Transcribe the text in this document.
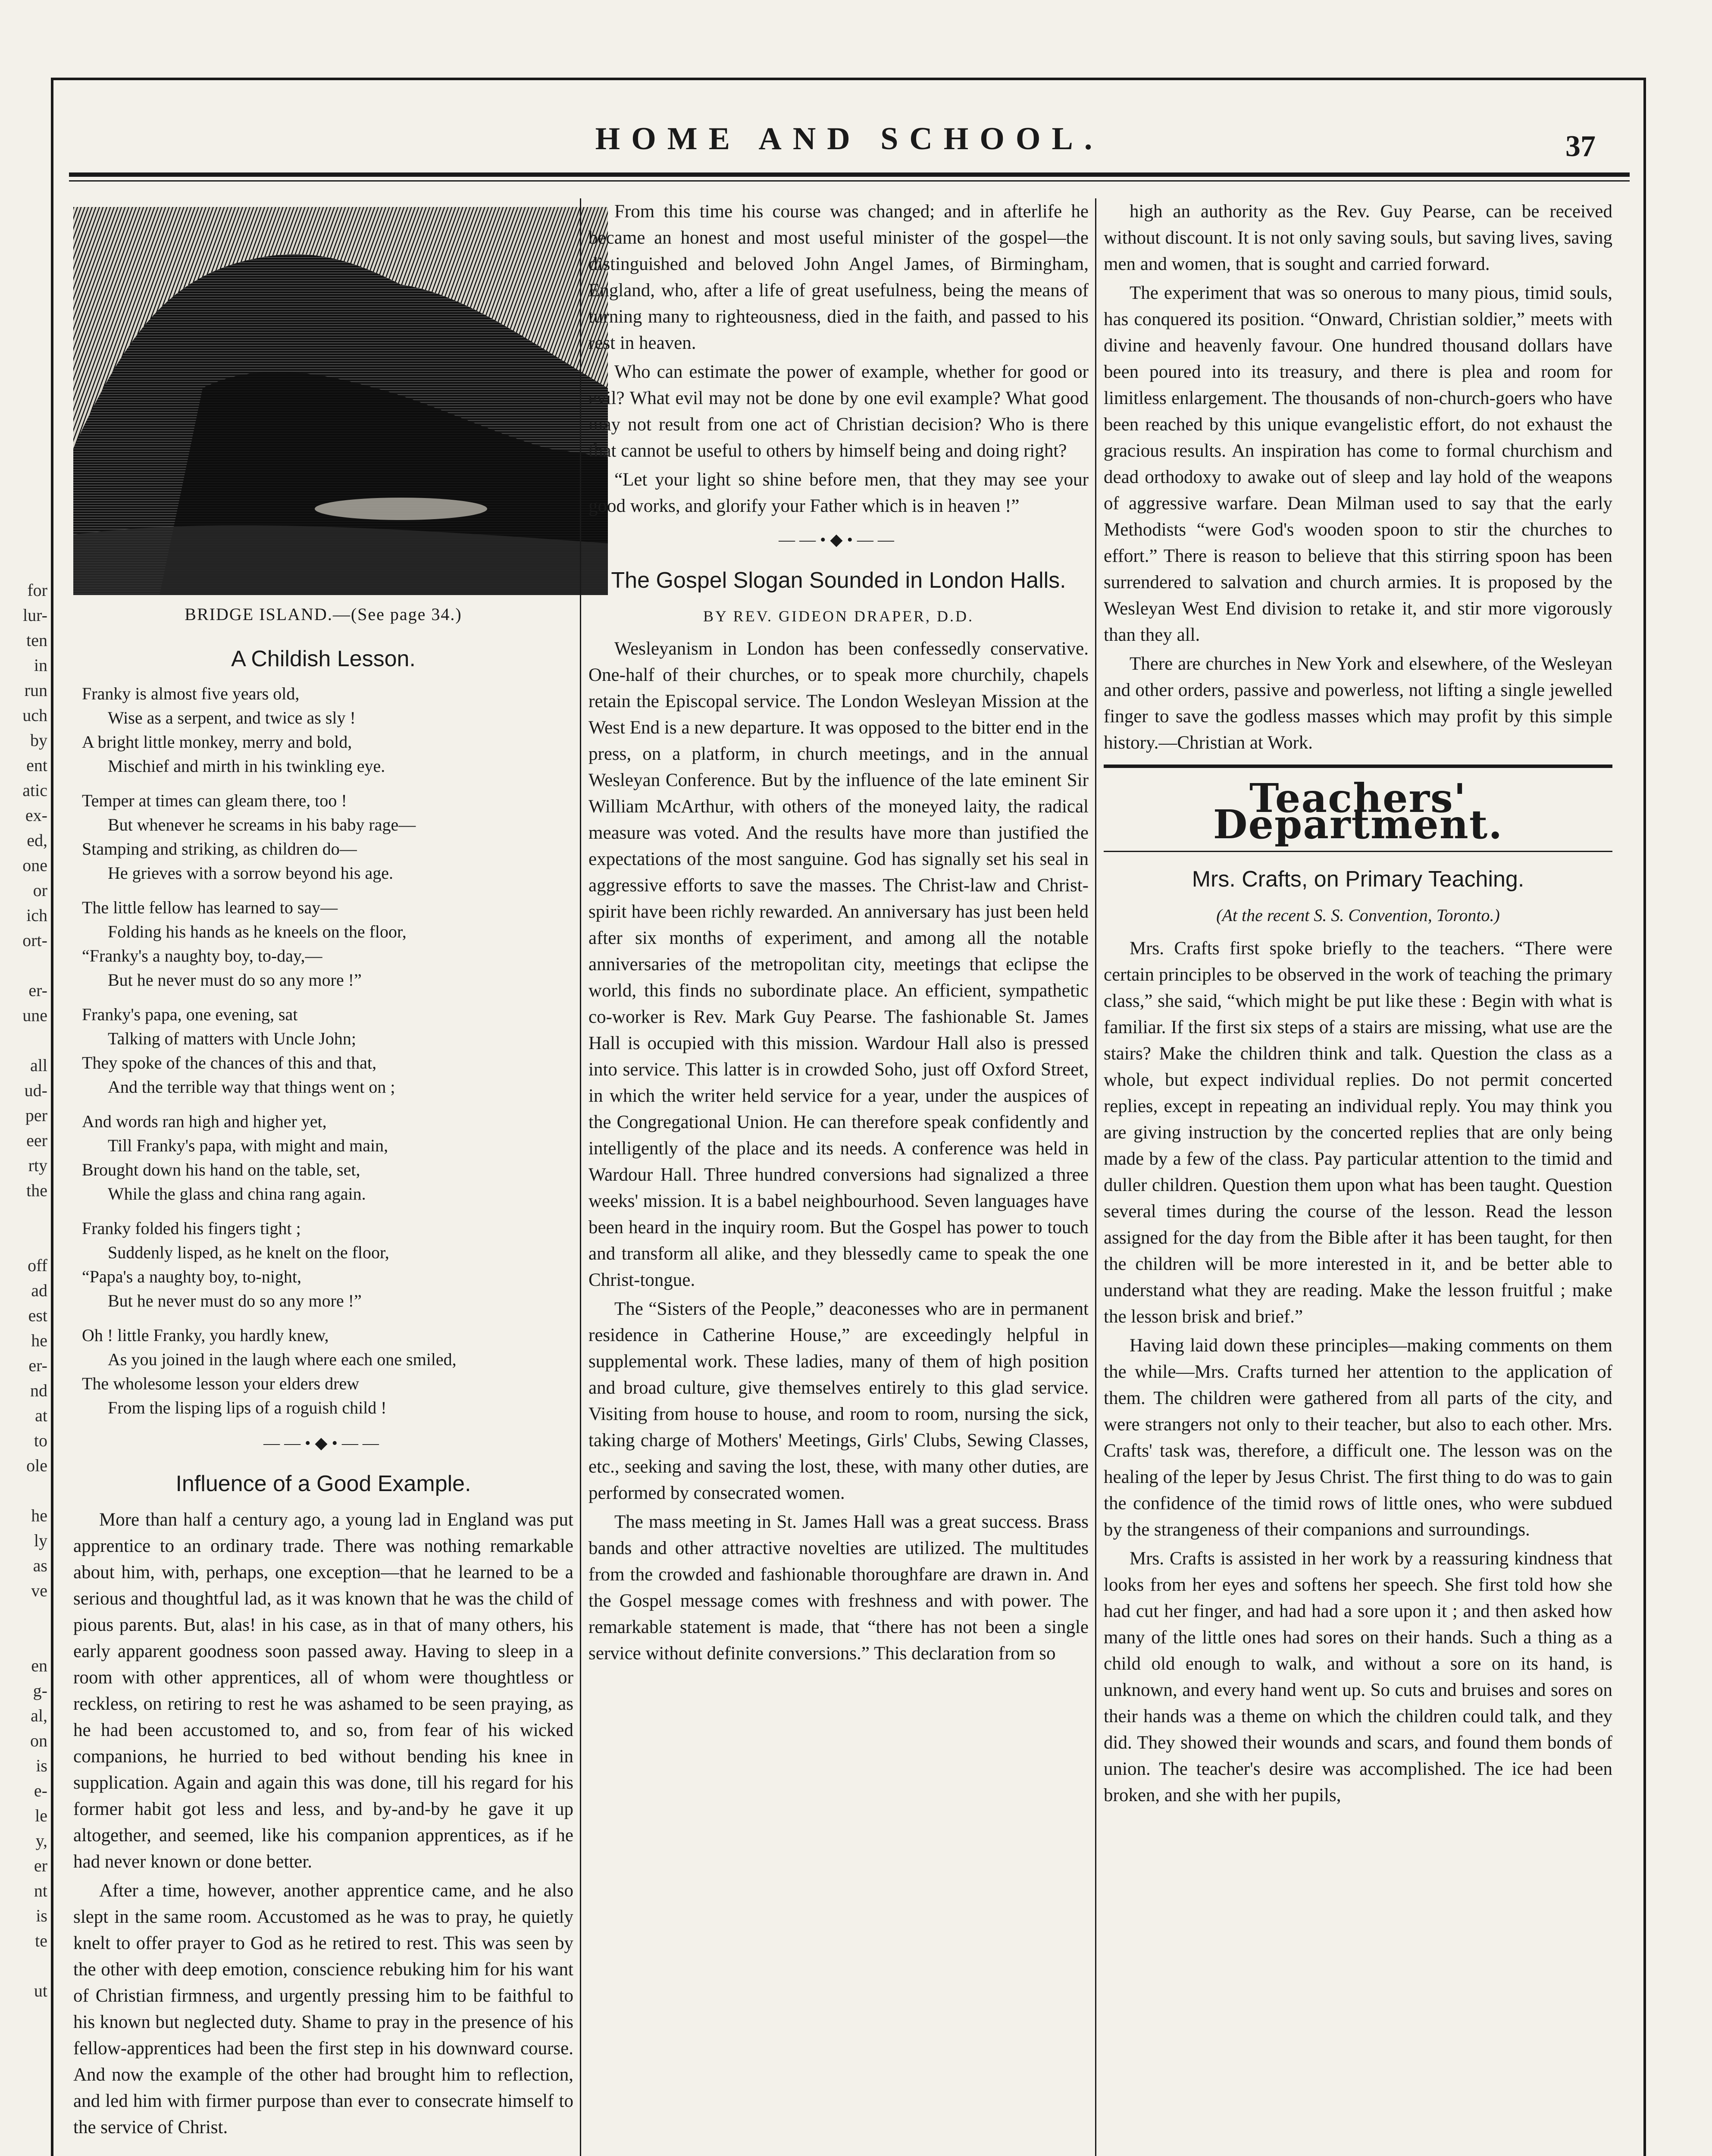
for
lur-
ten
in
run
uch
by
ent
atic
ex-
ed,
one
or
ich
ort-

er-
une

all
ud-
per
eer
rty
the

off
ad
est
he
er-
nd
at
to
ole

he
ly
as
ve

en
g-
al,
on
is
e-
le
y,
er
nt
is
te

ut
HOME AND SCHOOL.	37
BRIDGE ISLAND.—(See page 34.)
A Childish Lesson.
Franky is almost five years old,
Wise as a serpent, and twice as sly !
A bright little monkey, merry and bold,
Mischief and mirth in his twinkling eye.
Temper at times can gleam there, too !
But whenever he screams in his baby rage—
Stamping and striking, as children do—
He grieves with a sorrow beyond his age.
The little fellow has learned to say—
Folding his hands as he kneels on the floor,
“Franky's a naughty boy, to-day,—
But he never must do so any more !”
Franky's papa, one evening, sat
Talking of matters with Uncle John;
They spoke of the chances of this and that,
And the terrible way that things went on ;
And words ran high and higher yet,
Till Franky's papa, with might and main,
Brought down his hand on the table, set,
While the glass and china rang again.
Franky folded his fingers tight ;
Suddenly lisped, as he knelt on the floor,
“Papa's a naughty boy, to-night,
But he never must do so any more !”
Oh ! little Franky, you hardly knew,
As you joined in the laugh where each one smiled,
The wholesome lesson your elders drew
From the lisping lips of a roguish child !
——•◆•——
Influence of a Good Example.

More than half a century ago, a young lad in England was put apprentice to an ordinary trade. There was nothing remarkable about him, with, perhaps, one exception—that he learned to be a serious and thoughtful lad, as it was known that he was the child of pious parents. But, alas! in his case, as in that of many others, his early apparent goodness soon passed away. Having to sleep in a room with other apprentices, all of whom were thoughtless or reckless, on retiring to rest he was ashamed to be seen praying, as he had been accustomed to, and so, from fear of his wicked companions, he hurried to bed without bending his knee in supplication. Again and again this was done, till his regard for his former habit got less and less, and by-and-by he gave it up altogether, and seemed, like his companion apprentices, as if he had never known or done better.

After a time, however, another apprentice came, and he also slept in the same room. Accustomed as he was to pray, he quietly knelt to offer prayer to God as he retired to rest. This was seen by the other with deep emotion, conscience rebuking him for his want of Christian firmness, and urgently pressing him to be faithful to his known but neglected duty. Shame to pray in the presence of his fellow-apprentices had been the first step in his downward course. And now the example of the other had brought him to reflection, and led him with firmer purpose than ever to consecrate himself to the service of Christ.

From this time his course was changed; and in afterlife he became an honest and most useful minister of the gospel—the distinguished and beloved John Angel James, of Birmingham, England, who, after a life of great usefulness, being the means of turning many to righteousness, died in the faith, and passed to his rest in heaven.

Who can estimate the power of example, whether for good or evil? What evil may not be done by one evil example? What good may not result from one act of Christian decision? Who is there that cannot be useful to others by himself being and doing right?

“Let your light so shine before men, that they may see your good works, and glorify your Father which is in heaven !”

——•◆•——
The Gospel Slogan Sounded in London Halls.
BY REV. GIDEON DRAPER, D.D.

Wesleyanism in London has been confessedly conservative. One-half of their churches, or to speak more churchily, chapels retain the Episcopal service. The London Wesleyan Mission at the West End is a new departure. It was opposed to the bitter end in the press, on a platform, in church meetings, and in the annual Wesleyan Conference. But by the influence of the late eminent Sir William McArthur, with others of the moneyed laity, the radical measure was voted. And the results have more than justified the expectations of the most sanguine. God has signally set his seal in aggressive efforts to save the masses. The Christ-law and Christ-spirit have been richly rewarded. An anniversary has just been held after six months of experiment, and among all the notable anniversaries of the metropolitan city, meetings that eclipse the world, this finds no subordinate place. An efficient, sympathetic co-worker is Rev. Mark Guy Pearse. The fashionable St. James Hall is occupied with this mission. Wardour Hall also is pressed into service. This latter is in crowded Soho, just off Oxford Street, in which the writer held service for a year, under the auspices of the Congregational Union. He can therefore speak confidently and intelligently of the place and its needs. A conference was held in Wardour Hall. Three hundred conversions had signalized a three weeks' mission. It is a babel neighbourhood. Seven languages have been heard in the inquiry room. But the Gospel has power to touch and transform all alike, and they blessedly came to speak the one Christ-tongue.

The “Sisters of the People,” deaconesses who are in permanent residence in Catherine House,” are exceedingly helpful in supplemental work. These ladies, many of them of high position and broad culture, give themselves entirely to this glad service. Visiting from house to house, and room to room, nursing the sick, taking charge of Mothers' Meetings, Girls' Clubs, Sewing Classes, etc., seeking and saving the lost, these, with many other duties, are performed by consecrated women.

The mass meeting in St. James Hall was a great success. Brass bands and other attractive novelties are utilized. The multitudes from the crowded and fashionable thoroughfare are drawn in. And the Gospel message comes with freshness and with power. The remarkable statement is made, that “there has not been a single service without definite conversions.” This declaration from so

high an authority as the Rev. Guy Pearse, can be received without discount. It is not only saving souls, but saving lives, saving men and women, that is sought and carried forward.

The experiment that was so onerous to many pious, timid souls, has conquered its position. “Onward, Christian soldier,” meets with divine and heavenly favour. One hundred thousand dollars have been poured into its treasury, and there is plea and room for limitless enlargement. The thousands of non-church-goers who have been reached by this unique evangelistic effort, do not exhaust the gracious results. An inspiration has come to formal churchism and dead orthodoxy to awake out of sleep and lay hold of the weapons of aggressive warfare. Dean Milman used to say that the early Methodists “were God's wooden spoon to stir the churches to effort.” There is reason to believe that this stirring spoon has been surrendered to salvation and church armies. It is proposed by the Wesleyan West End division to retake it, and stir more vigorously than they all.

There are churches in New York and elsewhere, of the Wesleyan and other orders, passive and powerless, not lifting a single jewelled finger to save the godless masses which may profit by this simple history.—Christian at Work.

Teachers' Department.
Mrs. Crafts, on Primary Teaching.
(At the recent S. S. Convention, Toronto.)

Mrs. Crafts first spoke briefly to the teachers. “There were certain principles to be observed in the work of teaching the primary class,” she said, “which might be put like these : Begin with what is familiar. If the first six steps of a stairs are missing, what use are the stairs? Make the children think and talk. Question the class as a whole, but expect individual replies. Do not permit concerted replies, except in repeating an individual reply. You may think you are giving instruction by the concerted replies that are only being made by a few of the class. Pay particular attention to the timid and duller children. Question them upon what has been taught. Question several times during the course of the lesson. Read the lesson assigned for the day from the Bible after it has been taught, for then the children will be more interested in it, and be better able to understand what they are reading. Make the lesson fruitful ; make the lesson brisk and brief.”

Having laid down these principles—making comments on them the while—Mrs. Crafts turned her attention to the application of them. The children were gathered from all parts of the city, and were strangers not only to their teacher, but also to each other. Mrs. Crafts' task was, therefore, a difficult one. The lesson was on the healing of the leper by Jesus Christ. The first thing to do was to gain the confidence of the timid rows of little ones, who were subdued by the strangeness of their companions and surroundings.

Mrs. Crafts is assisted in her work by a reassuring kindness that looks from her eyes and softens her speech. She first told how she had cut her finger, and had had a sore upon it ; and then asked how many of the little ones had sores on their hands. Such a thing as a child old enough to walk, and without a sore on its hand, is unknown, and every hand went up. So cuts and bruises and sores on their hands was a theme on which the children could talk, and they did. They showed their wounds and scars, and found them bonds of union. The teacher's desire was accomplished. The ice had been broken, and she with her pupils,
